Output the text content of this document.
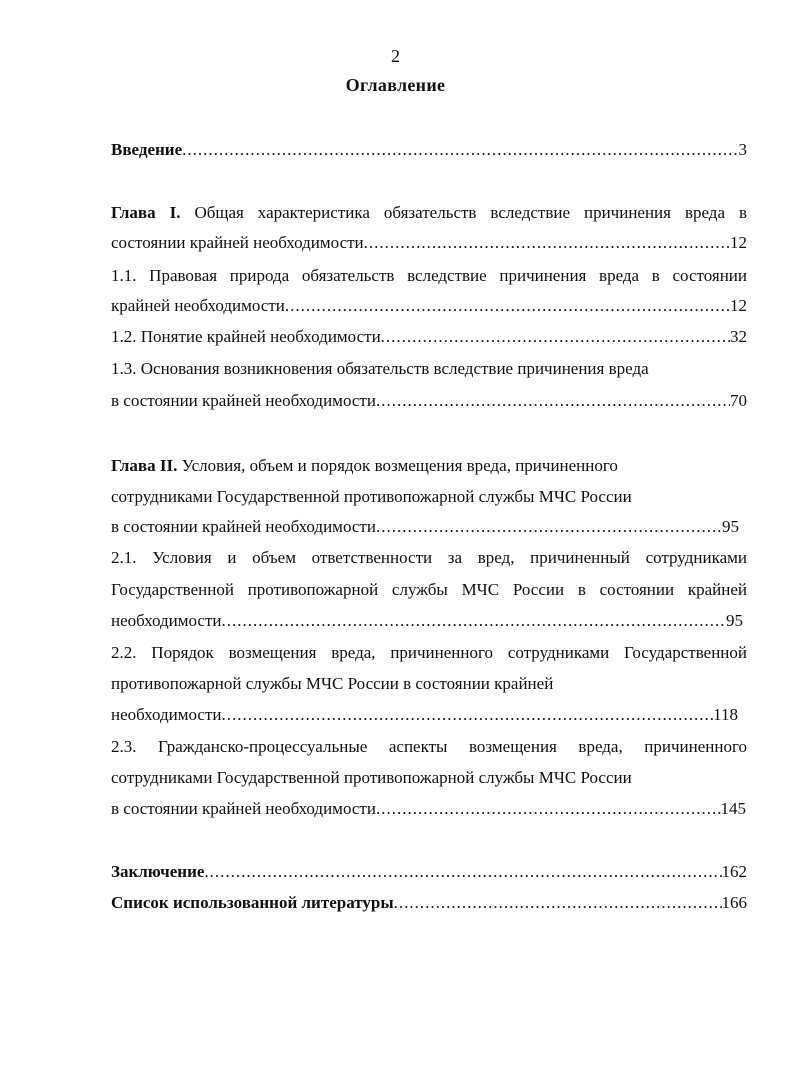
2
Оглавление
Введение .....	3
Глава I. Общая характеристика обязательств вследствие причинения вреда в
состоянии крайней необходимости .....	12
1.1. Правовая природа обязательств вследствие причинения вреда в состоянии
крайней необходимости .....	12
1.2. Понятие крайней необходимости .....	32
1.3. Основания возникновения обязательств вследствие причинения вреда
в состоянии крайней необходимости .....	70
Глава II. Условия, объем и порядок возмещения вреда, причиненного
сотрудниками Государственной противопожарной службы МЧС России
в состоянии крайней необходимости .....	95
2.1. Условия и объем ответственности за вред, причиненный сотрудниками
Государственной противопожарной службы МЧС России в состоянии крайней
необходимости .....	95
2.2. Порядок возмещения вреда, причиненного сотрудниками Государственной
противопожарной службы МЧС России в состоянии крайней
необходимости .....	118
2.3. Гражданско-процессуальные аспекты возмещения вреда, причиненного
сотрудниками Государственной противопожарной службы МЧС России
в состоянии крайней необходимости .....	145
Заключение .....	162
Список использованной литературы .....	166
